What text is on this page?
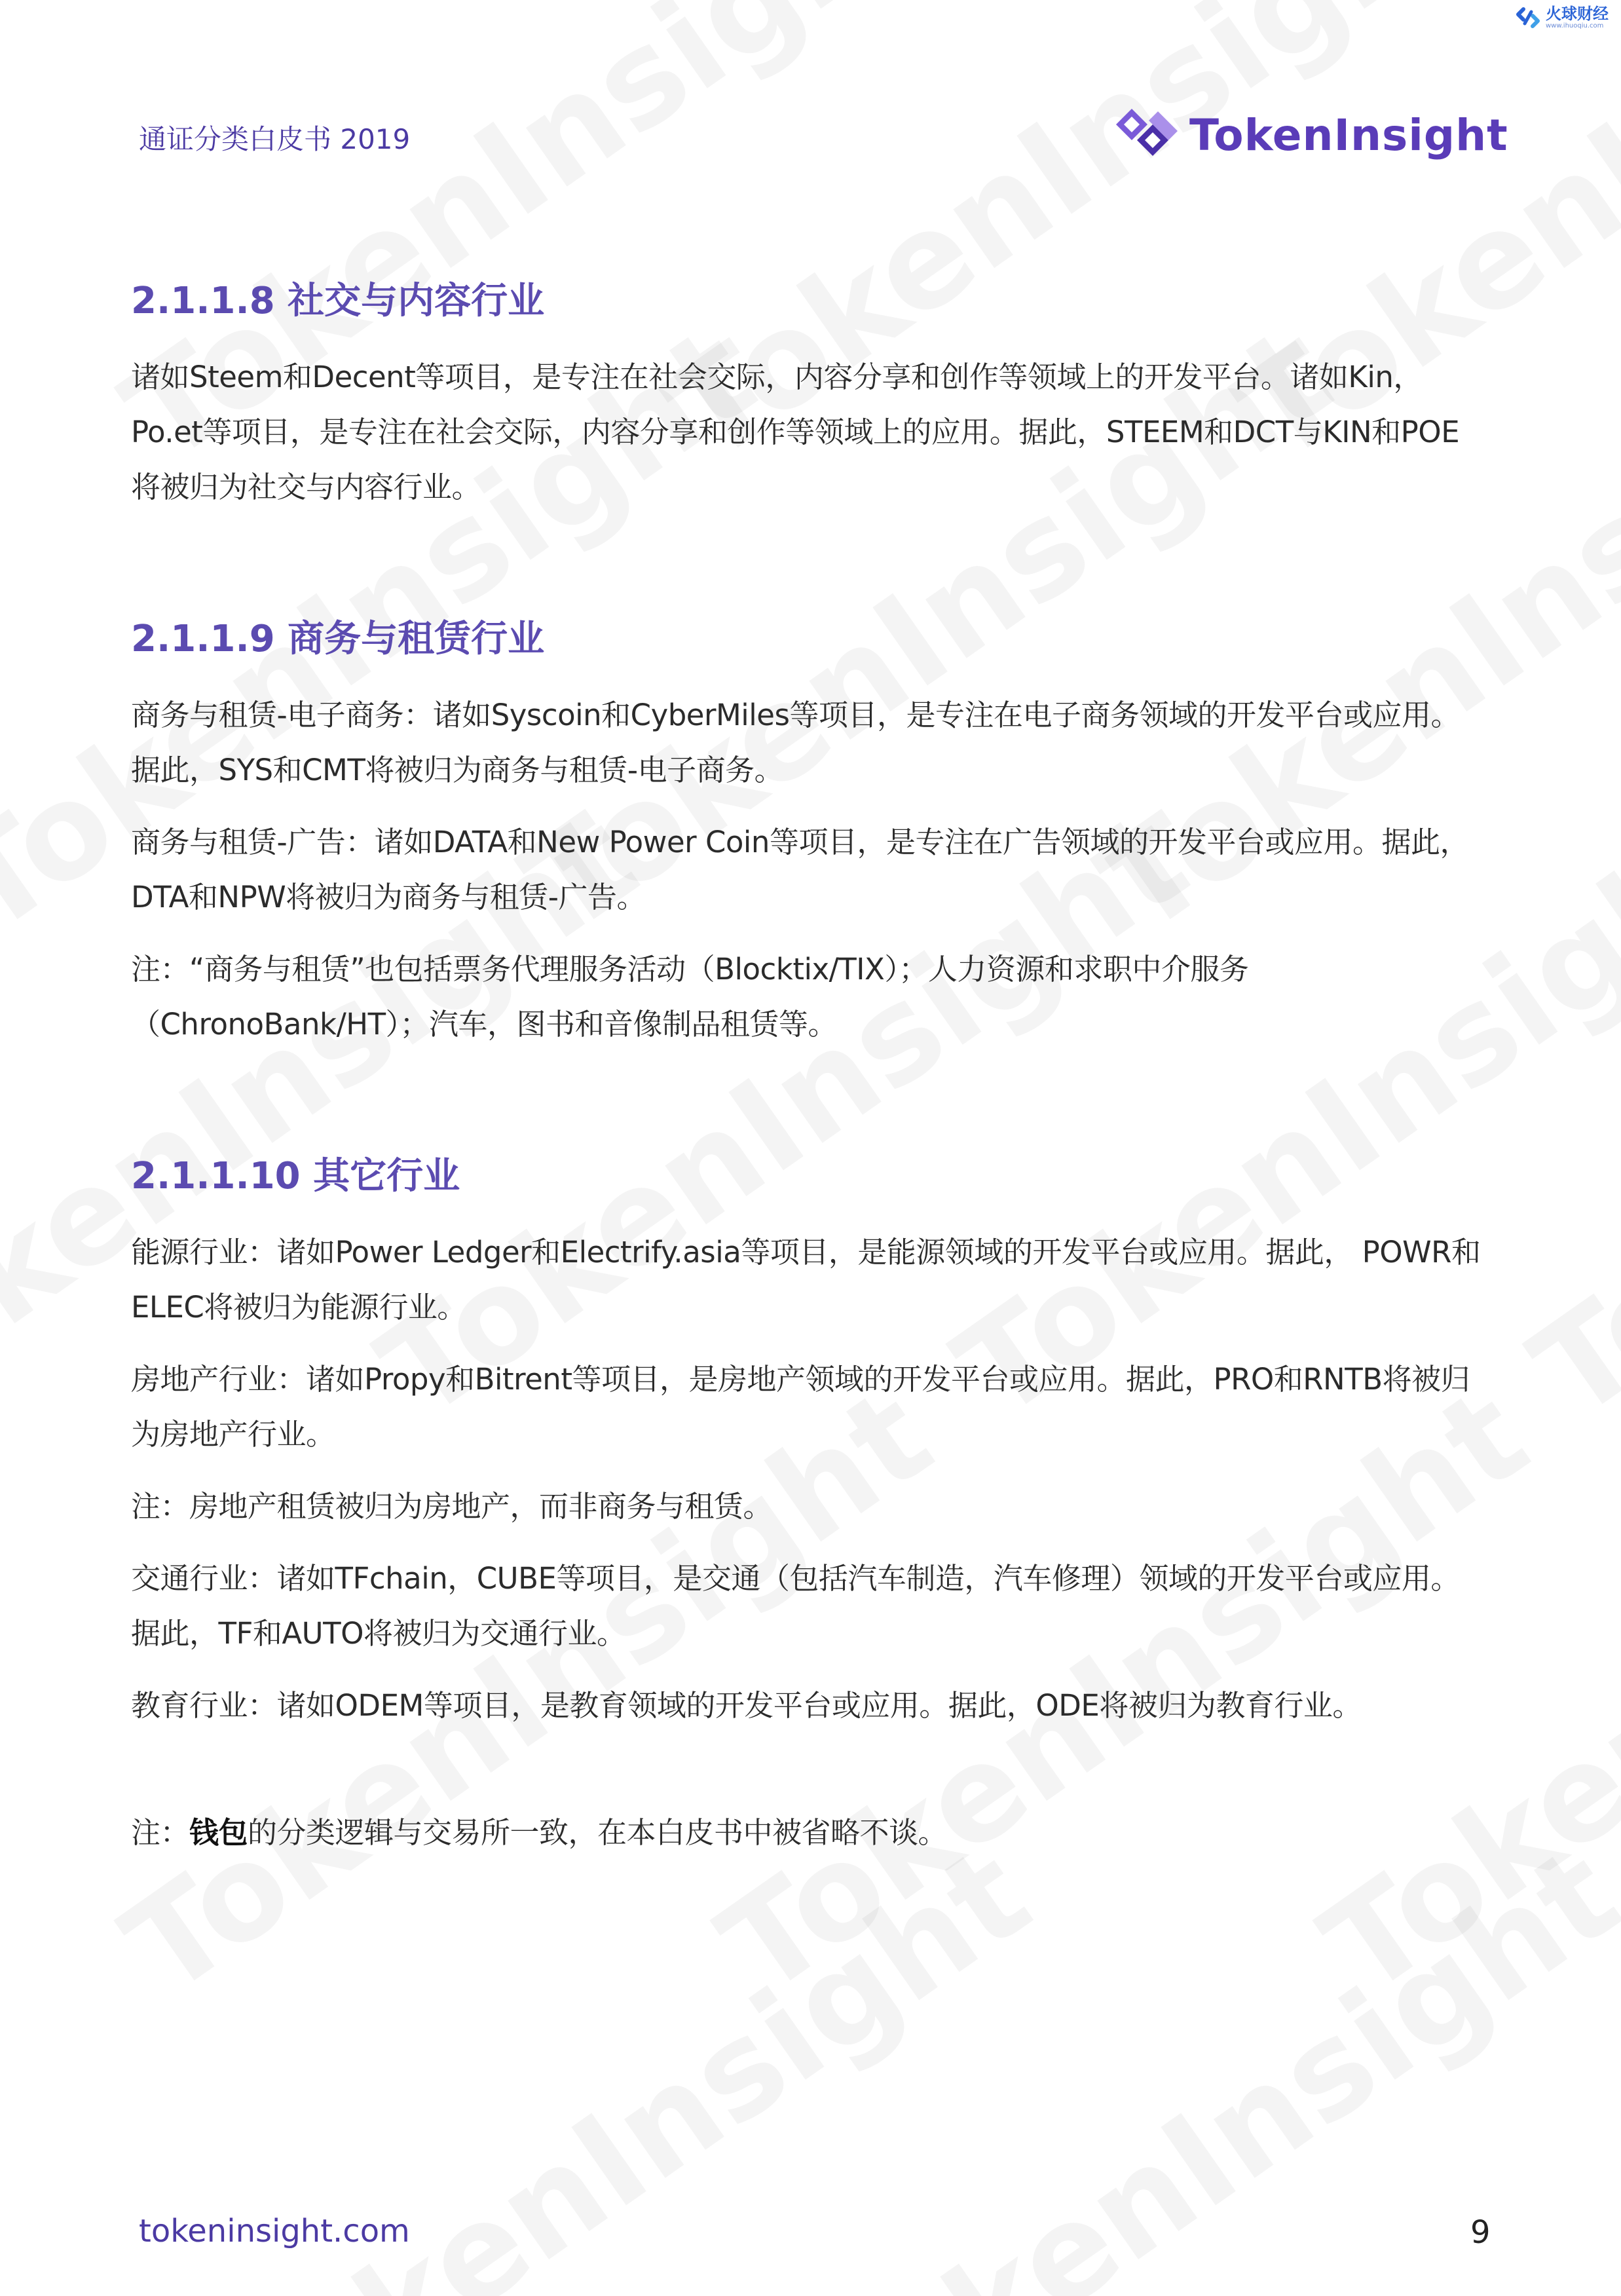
火球财经
www.ihuoqiu.com
通证分类白皮书 2019	TokenInsight
2.1.1.8 社交与内容行业
诸如Steem和Decent等项目，是专注在社会交际，内容分享和创作等领域上的开发平台。诸如Kin，
Po.et等项目，是专注在社会交际，内容分享和创作等领域上的应用。据此，STEEM和DCT与KIN和POE
将被归为社交与内容行业。
2.1.1.9 商务与租赁行业
商务与租赁-电子商务：诸如Syscoin和CyberMiles等项目，是专注在电子商务领域的开发平台或应用。
据此，SYS和CMT将被归为商务与租赁-电子商务。
商务与租赁-广告：诸如DATA和New Power Coin等项目，是专注在广告领域的开发平台或应用。据此，
DTA和NPW将被归为商务与租赁-广告。
注：“商务与租赁”也包括票务代理服务活动（Blocktix/TIX）；人力资源和求职中介服务
（ChronoBank/HT）；汽车，图书和音像制品租赁等。
2.1.1.10 其它行业
能源行业：诸如Power Ledger和Electrify.asia等项目，是能源领域的开发平台或应用。据此， POWR和
ELEC将被归为能源行业。
房地产行业：诸如Propy和Bitrent等项目，是房地产领域的开发平台或应用。据此，PRO和RNTB将被归
为房地产行业。
注：房地产租赁被归为房地产，而非商务与租赁。
交通行业：诸如TFchain，CUBE等项目，是交通（包括汽车制造，汽车修理）领域的开发平台或应用。
据此，TF和AUTO将被归为交通行业。
教育行业：诸如ODEM等项目，是教育领域的开发平台或应用。据此，ODE将被归为教育行业。
注：钱包的分类逻辑与交易所一致，在本白皮书中被省略不谈。
tokeninsight.com	9
